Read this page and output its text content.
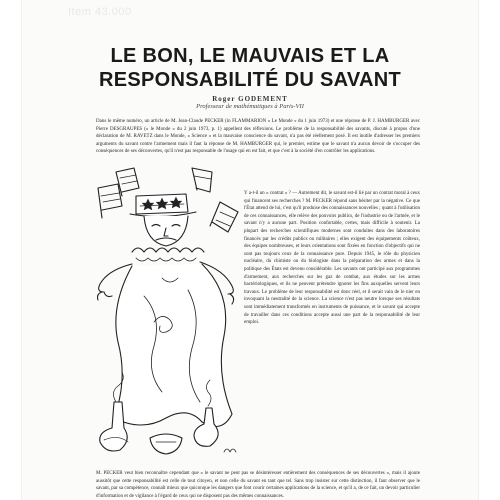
Item 43.000
LE BON, LE MAUVAIS ET LA
RESPONSABILITÉ DU SAVANT
Roger GODEMENT
Professeur de mathématiques à Paris-VII
Dans le même numéro, un article de M. Jean-Claude PECKER (in FLAMMARION « Le Monde » du 1 juin 1973) et une réponse de P. J. HAMBURGER avec Pierre DESGRAUPES (« le Monde » du 2 juin 1973, p. 1) appellent des réflexions. Le problème de la responsabilité des savants, discuté à propos d'une déclaration de M. RAVETZ dans le Monde, « Science » et la mauvaise conscience du savant, n'a pas été réellement posé. Il est inutile d'adresser les premiers arguments du savant contre l'armement mais il faut la réponse de M. HAMBURGER qui, le premier, estime que le savant n'a aucun devoir de s'occuper des conséquences de ses découvertes, qu'il n'est pas responsable de l'usage qui en est fait, et que c'est à la société d'en contrôler les applications.
Y a-t-il un « contrat » ? — Autrement dit, le savant est-il lié par un contrat moral à ceux qui financent ses recherches ? M. PECKER répond sans hésiter par la négative. Ce que l'État attend de lui, c'est qu'il produise des connaissances nouvelles ; quant à l'utilisation de ces connaissances, elle relève des pouvoirs publics, de l'industrie ou de l'armée, et le savant n'y a aucune part. Position confortable, certes, mais difficile à soutenir. La plupart des recherches scientifiques modernes sont conduites dans des laboratoires financés par les crédits publics ou militaires ; elles exigent des équipements coûteux, des équipes nombreuses, et leurs orientations sont fixées en fonction d'objectifs qui ne sont pas toujours ceux de la connaissance pure. Depuis 1945, le rôle du physicien nucléaire, du chimiste ou du biologiste dans la préparation des armes et dans la politique des États est devenu considérable. Les savants ont participé aux programmes d'armement, aux recherches sur les gaz de combat, aux études sur les armes bactériologiques, et ils ne peuvent prétendre ignorer les fins auxquelles servent leurs travaux. Le problème de leur responsabilité est donc réel, et il serait vain de le nier en invoquant la neutralité de la science. La science n'est pas neutre lorsque ses résultats sont immédiatement transformés en instruments de puissance, et le savant qui accepte de travailler dans ces conditions accepte aussi une part de la responsabilité de leur emploi.
M. PECKER veut bien reconnaître cependant que « le savant ne peut pas se désintéresser entièrement des conséquences de ses découvertes », mais il ajoute aussitôt que cette responsabilité est celle de tout citoyen, et non celle du savant en tant que tel. Sans trop insister sur cette distinction, il faut observer que le savant, par sa compétence, connaît mieux que quiconque les dangers que font courir certaines applications de la science, et qu'il a, de ce fait, un devoir particulier d'information et de vigilance à l'égard de ceux qui ne disposent pas des mêmes connaissances.
